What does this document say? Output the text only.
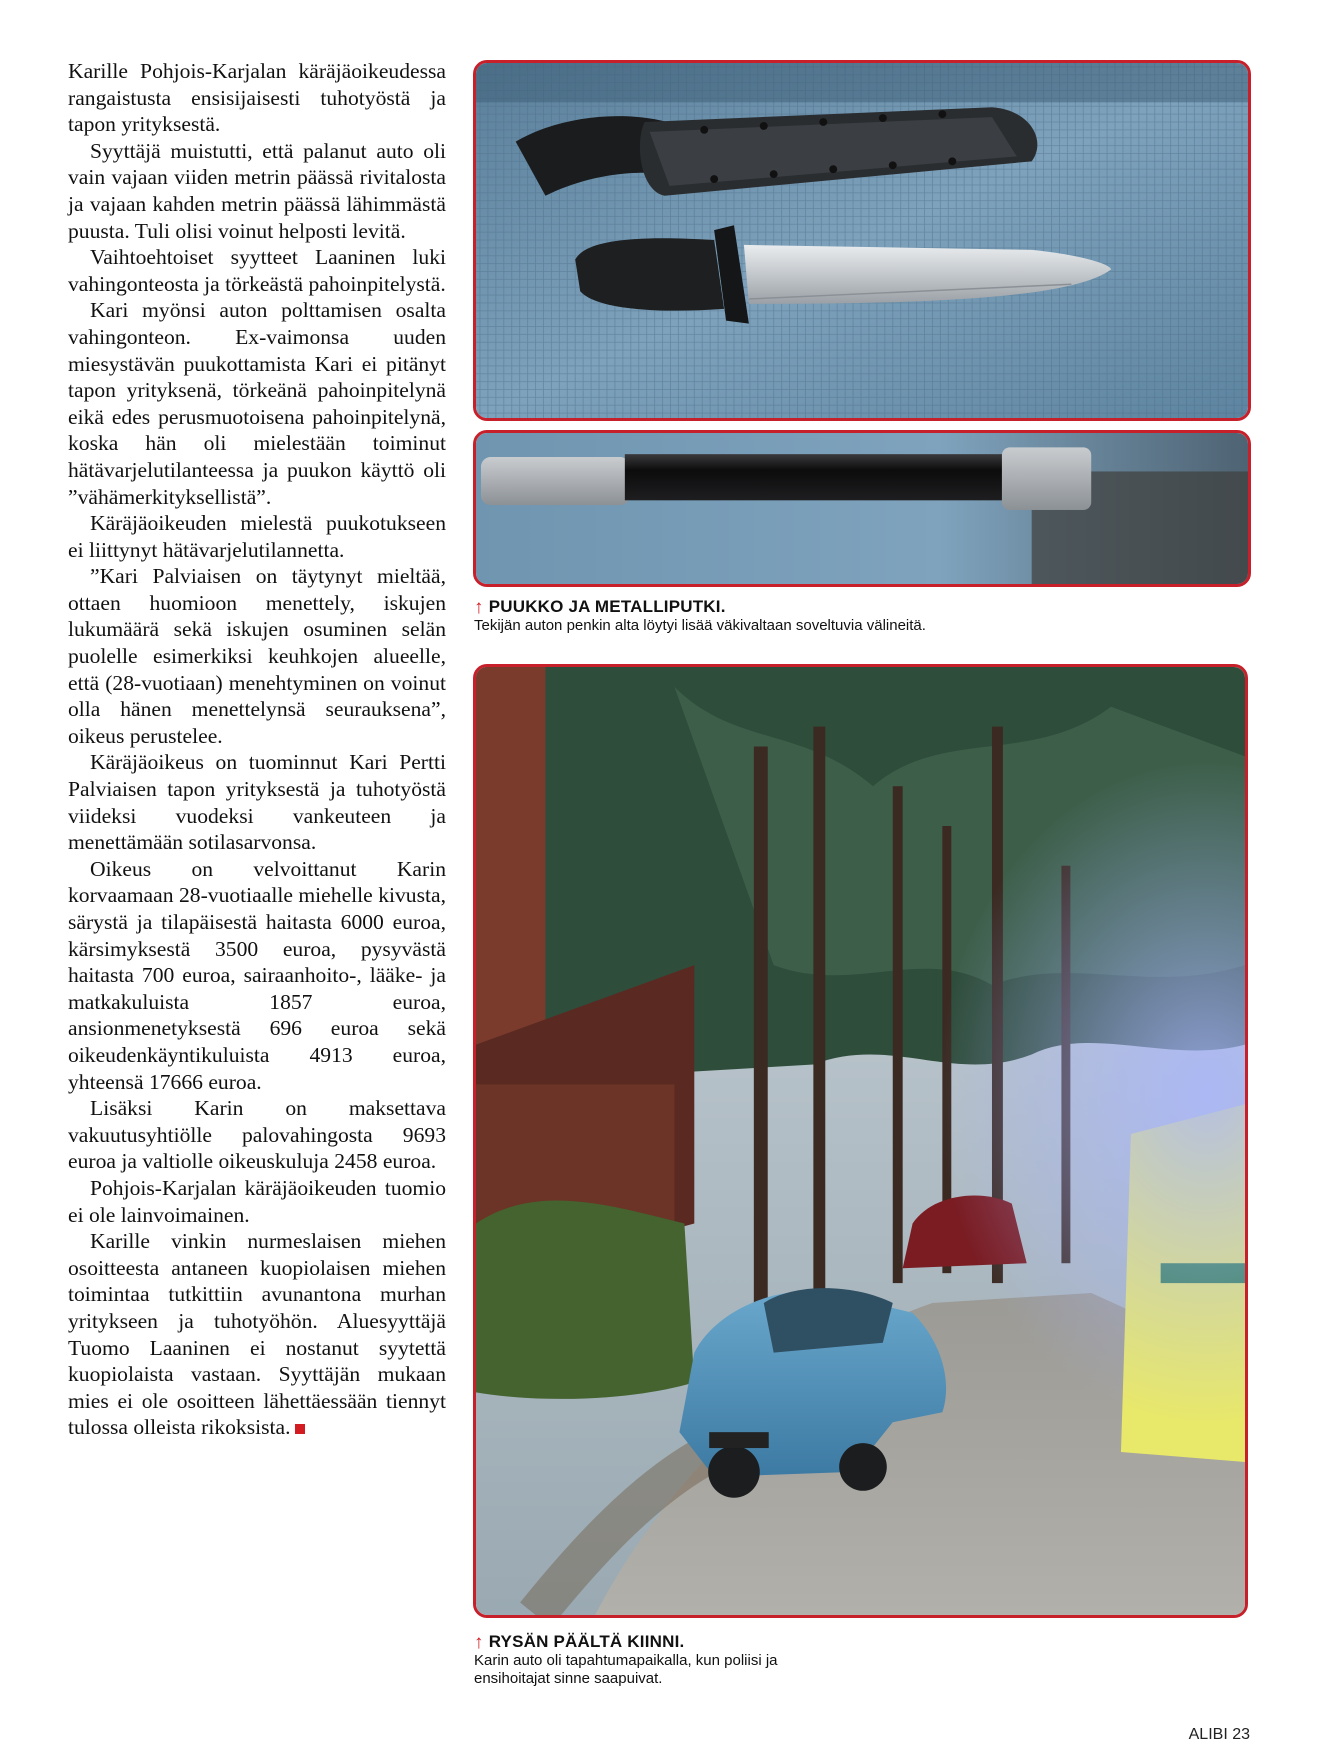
Karille Pohjois-Karjalan käräjäoikeudessa rangaistusta ensisijaisesti tuhotyöstä ja tapon yrityksestä.

Syyttäjä muistutti, että palanut auto oli vain vajaan viiden metrin päässä rivitalosta ja vajaan kahden metrin päässä lähimmästä puusta. Tuli olisi voinut helposti levitä.

Vaihtoehtoiset syytteet Laaninen luki vahingonteosta ja törkeästä pahoinpitelystä.

Kari myönsi auton polttamisen osalta vahingonteon. Ex-vaimonsa uuden miesystävän puukottamista Kari ei pitänyt tapon yrityksenä, törkeänä pahoinpitelynä eikä edes perusmuotoisena pahoinpitelynä, koska hän oli mielestään toiminut hätävarjelutilanteessa ja puukon käyttö oli ”vähämerkityksellistä”.

Käräjäoikeuden mielestä puukotukseen ei liittynyt hätävarjelutilannetta.

”Kari Palviaisen on täytynyt mieltää, ottaen huomioon menettely, iskujen lukumäärä sekä iskujen osuminen selän puolelle esimerkiksi keuhkojen alueelle, että (28-vuotiaan) menehtyminen on voinut olla hänen menettelynsä seurauksena”, oikeus perustelee.

Käräjäoikeus on tuominnut Kari Pertti Palviaisen tapon yrityksestä ja tuhotyöstä viideksi vuodeksi vankeuteen ja menettämään sotilasarvonsa.

Oikeus on velvoittanut Karin korvaamaan 28-vuotiaalle miehelle kivusta, särystä ja tilapäisestä haitasta 6000 euroa, kärsimyksestä 3500 euroa, pysyvästä haitasta 700 euroa, sairaanhoito-, lääke- ja matkakuluista 1857 euroa, ansionmenetyksestä 696 euroa sekä oikeudenkäyntikuluista 4913 euroa, yhteensä 17666 euroa.

Lisäksi Karin on maksettava vakuutusyhtiölle palovahingosta 9693 euroa ja valtiolle oikeuskuluja 2458 euroa.

Pohjois-Karjalan käräjäoikeuden tuomio ei ole lainvoimainen.

Karille vinkin nurmeslaisen miehen osoitteesta antaneen kuopiolaisen miehen toimintaa tutkittiin avunantona murhan yritykseen ja tuhotyöhön. Aluesyyttäjä Tuomo Laaninen ei nostanut syytettä kuopiolaista vastaan. Syyttäjän mukaan mies ei ole osoitteen lähettäessään tiennyt tulossa olleista rikoksista.

↑ PUUKKO JA METALLIPUTKI.
Tekijän auton penkin alta löytyi lisää väkivaltaan soveltuvia välineitä.
↑ RYSÄN PÄÄLTÄ KIINNI.
Karin auto oli tapahtumapaikalla, kun poliisi ja ensihoitajat sinne saapuivat.
ALIBI 23
